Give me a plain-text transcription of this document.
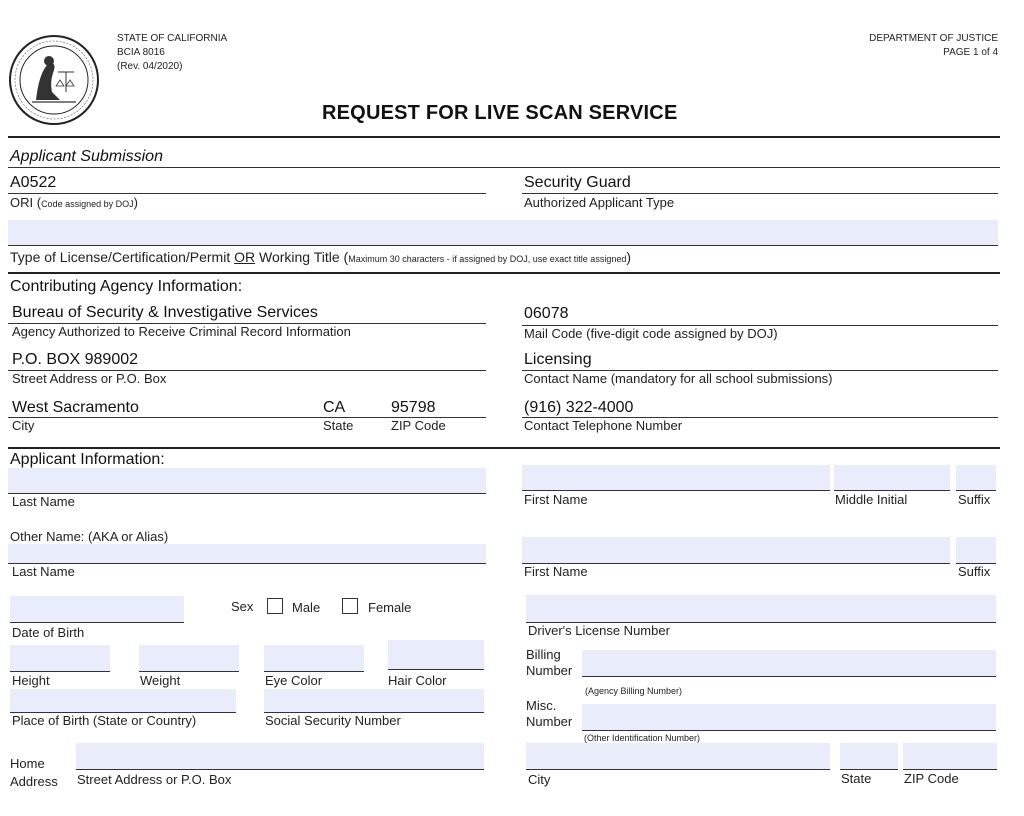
STATE OF CALIFORNIA
BCIA 8016
(Rev. 04/2020)
DEPARTMENT OF JUSTICE
PAGE 1 of 4
REQUEST FOR LIVE SCAN SERVICE
Applicant Submission
A0522
ORI (Code assigned by DOJ)
Security Guard
Authorized Applicant Type
Type of License/Certification/Permit OR Working Title (Maximum 30 characters - if assigned by DOJ, use exact title assigned)
Contributing Agency Information:
Bureau of Security & Investigative Services
Agency Authorized to Receive Criminal Record Information
06078
Mail Code (five-digit code assigned by DOJ)
P.O. BOX 989002
Street Address or P.O. Box
Licensing
Contact Name (mandatory for all school submissions)
West Sacramento	CA	95798
City	State	ZIP Code
(916) 322-4000
Contact Telephone Number
Applicant Information:
Last Name	First Name	Middle Initial	Suffix
Other Name: (AKA or Alias)
Last Name	First Name	Suffix
Date of Birth
Sex	Male	Female
Driver's License Number
Height	Weight	Eye Color	Hair Color
Billing
Number
(Agency Billing Number)
Place of Birth (State or Country)	Social Security Number
Misc.
Number
(Other Identification Number)
Home
Address Street Address or P.O. Box	City	State	ZIP Code
